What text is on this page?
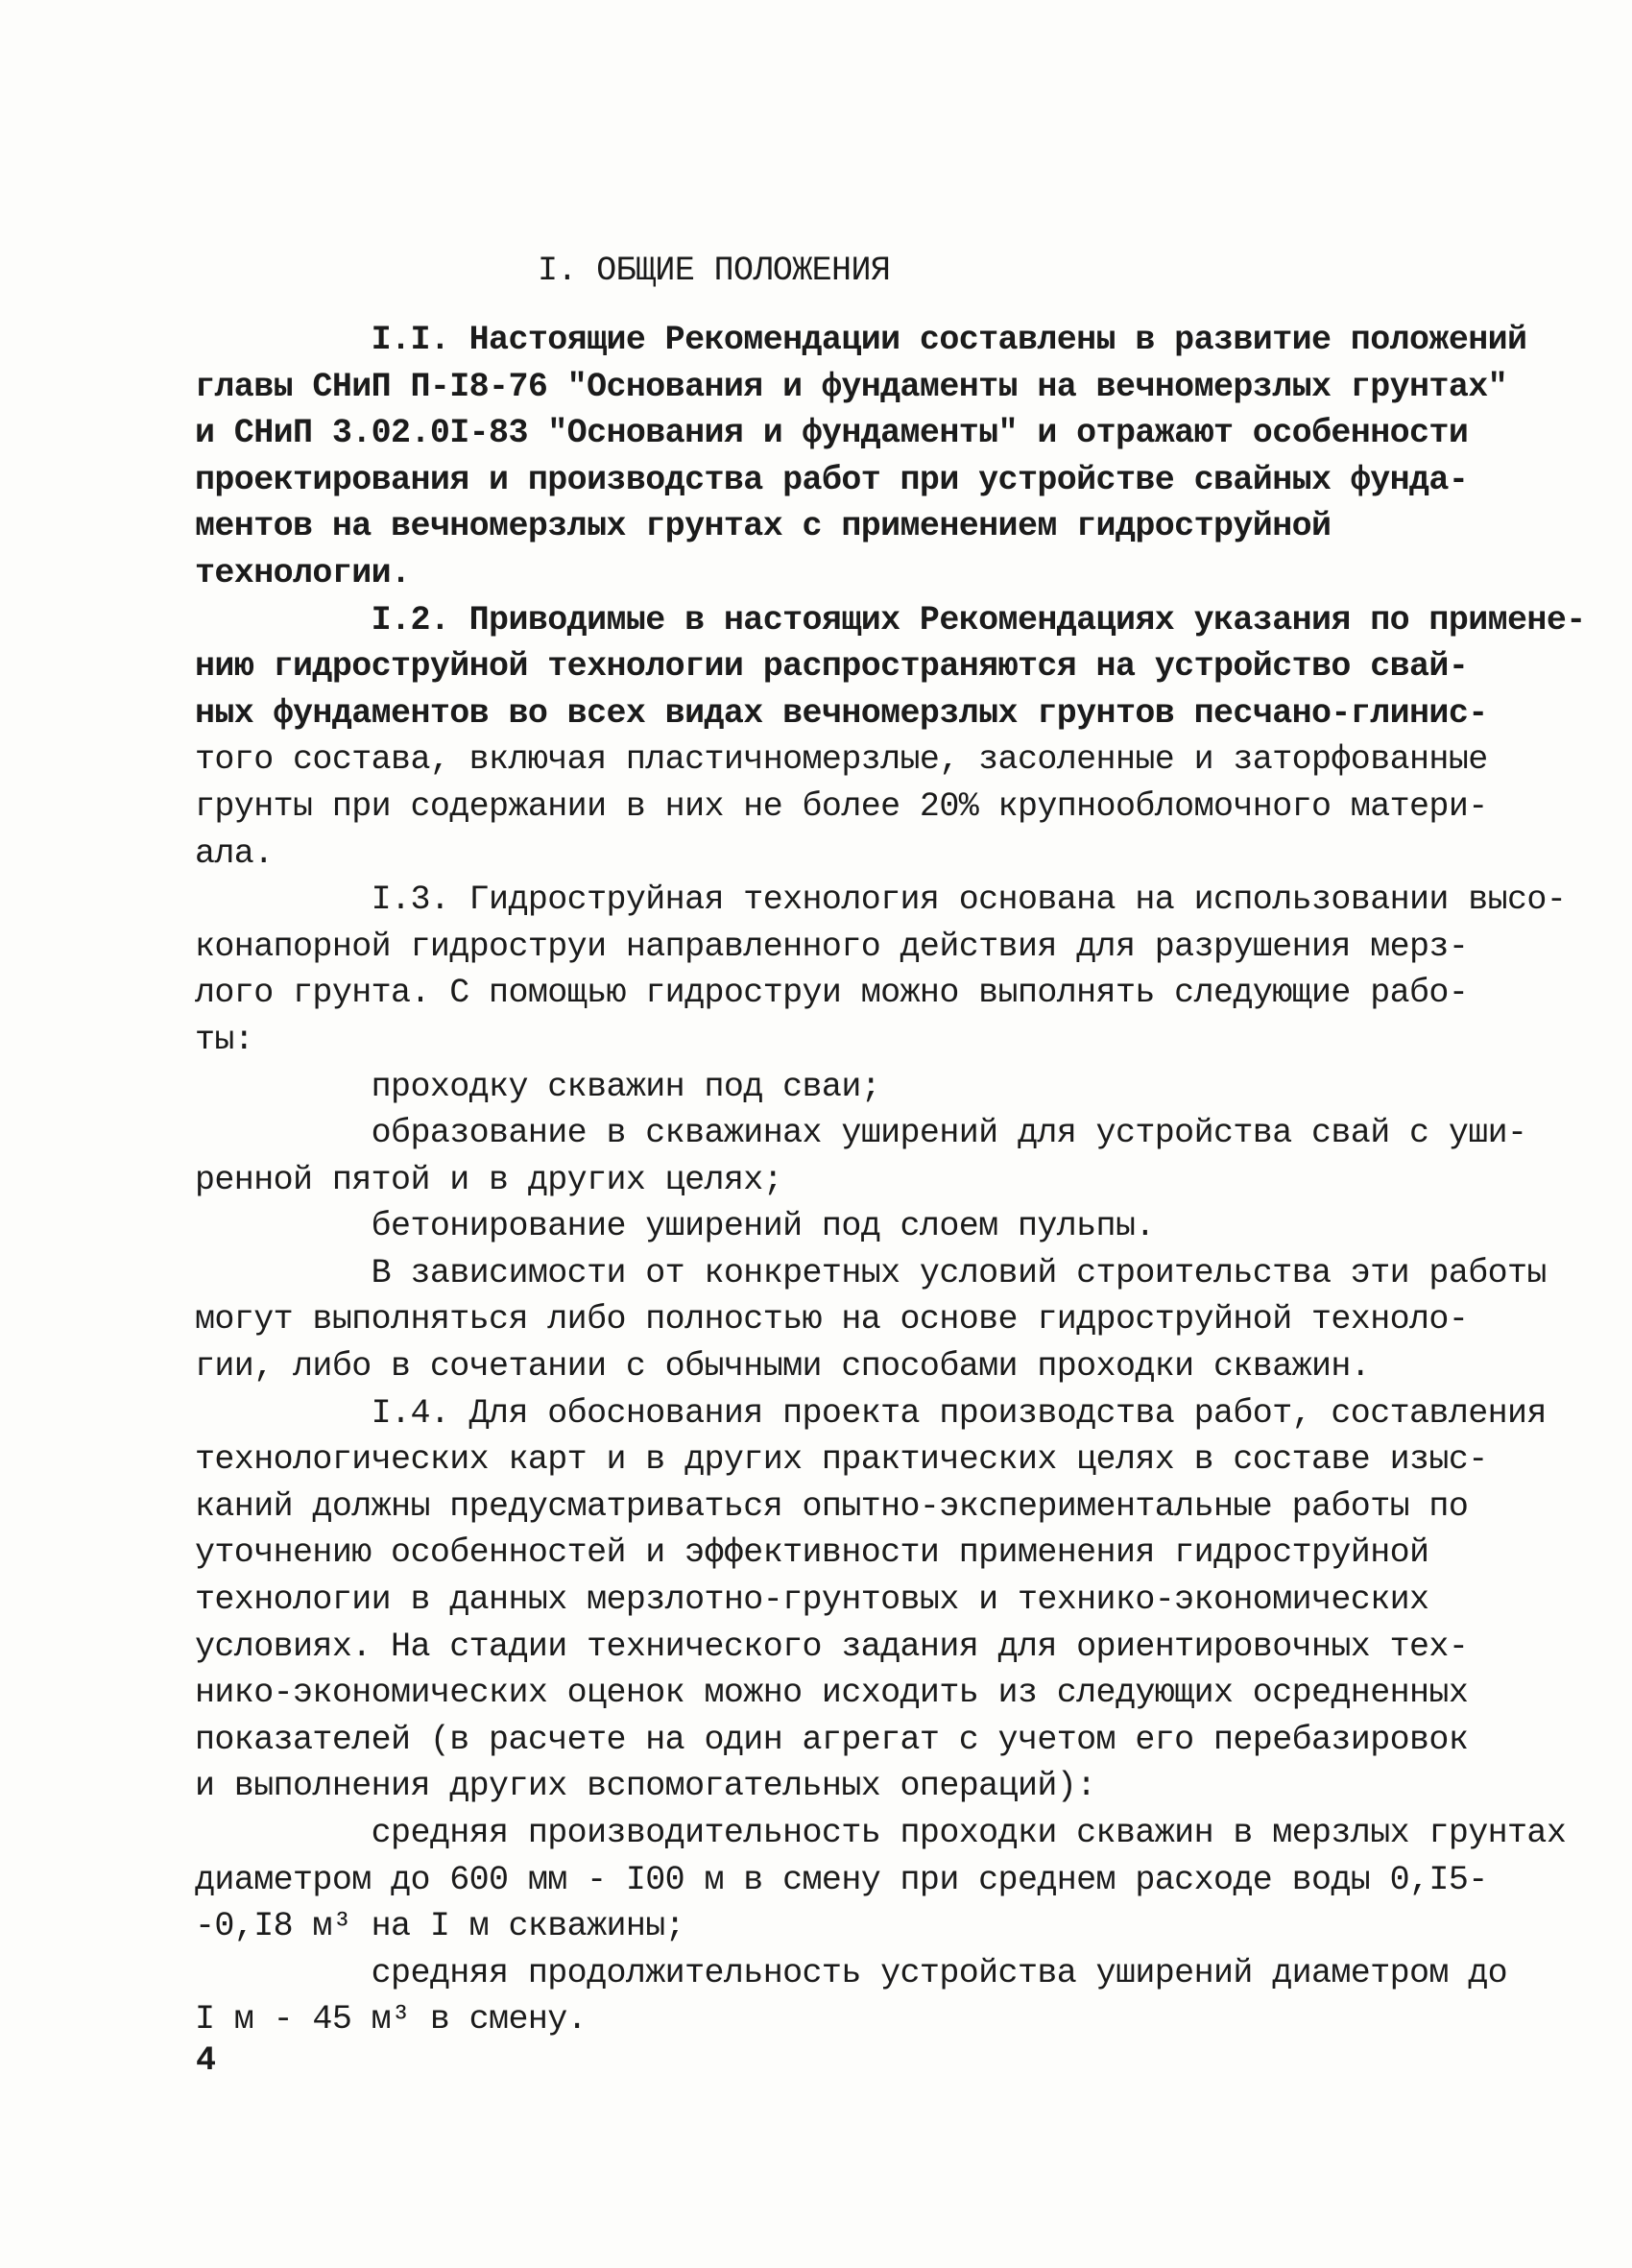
I. ОБЩИЕ ПОЛОЖЕНИЯ
I.I. Настоящие Рекомендации составлены в развитие положений
главы СНиП П-I8-76 "Основания и фундаменты на вечномерзлых грунтах"
и СНиП 3.02.0I-83 "Основания и фундаменты" и отражают особенности
проектирования и производства работ при устройстве свайных фунда-
ментов на вечномерзлых грунтах с применением гидроструйной
технологии.
I.2. Приводимые в настоящих Рекомендациях указания по примене-
нию гидроструйной технологии распространяются на устройство свай-
ных фундаментов во всех видах вечномерзлых грунтов песчано-глинис-
того состава, включая пластичномерзлые, засоленные и заторфованные
грунты при содержании в них не более 20% крупнообломочного матери-
ала.
I.3. Гидроструйная технология основана на использовании высо-
конапорной гидроструи направленного действия для разрушения мерз-
лого грунта. С помощью гидроструи можно выполнять следующие рабо-
ты:
проходку скважин под сваи;
образование в скважинах уширений для устройства свай с уши-
ренной пятой и в других целях;
бетонирование уширений под слоем пульпы.
В зависимости от конкретных условий строительства эти работы
могут выполняться либо полностью на основе гидроструйной техноло-
гии, либо в сочетании с обычными способами проходки скважин.
I.4. Для обоснования проекта производства работ, составления
технологических карт и в других практических целях в составе изыс-
каний должны предусматриваться опытно-экспериментальные работы по
уточнению особенностей и эффективности применения гидроструйной
технологии в данных мерзлотно-грунтовых и технико-экономических
условиях. На стадии технического задания для ориентировочных тех-
нико-экономических оценок можно исходить из следующих осредненных
показателей (в расчете на один агрегат с учетом его перебазировок
и выполнения других вспомогательных операций):
средняя производительность проходки скважин в мерзлых грунтах
диаметром до 600 мм - I00 м в смену при среднем расходе воды 0,I5-
-0,I8 м³ на I м скважины;
средняя продолжительность устройства уширений диаметром до
I м - 45 м³ в смену.
4
